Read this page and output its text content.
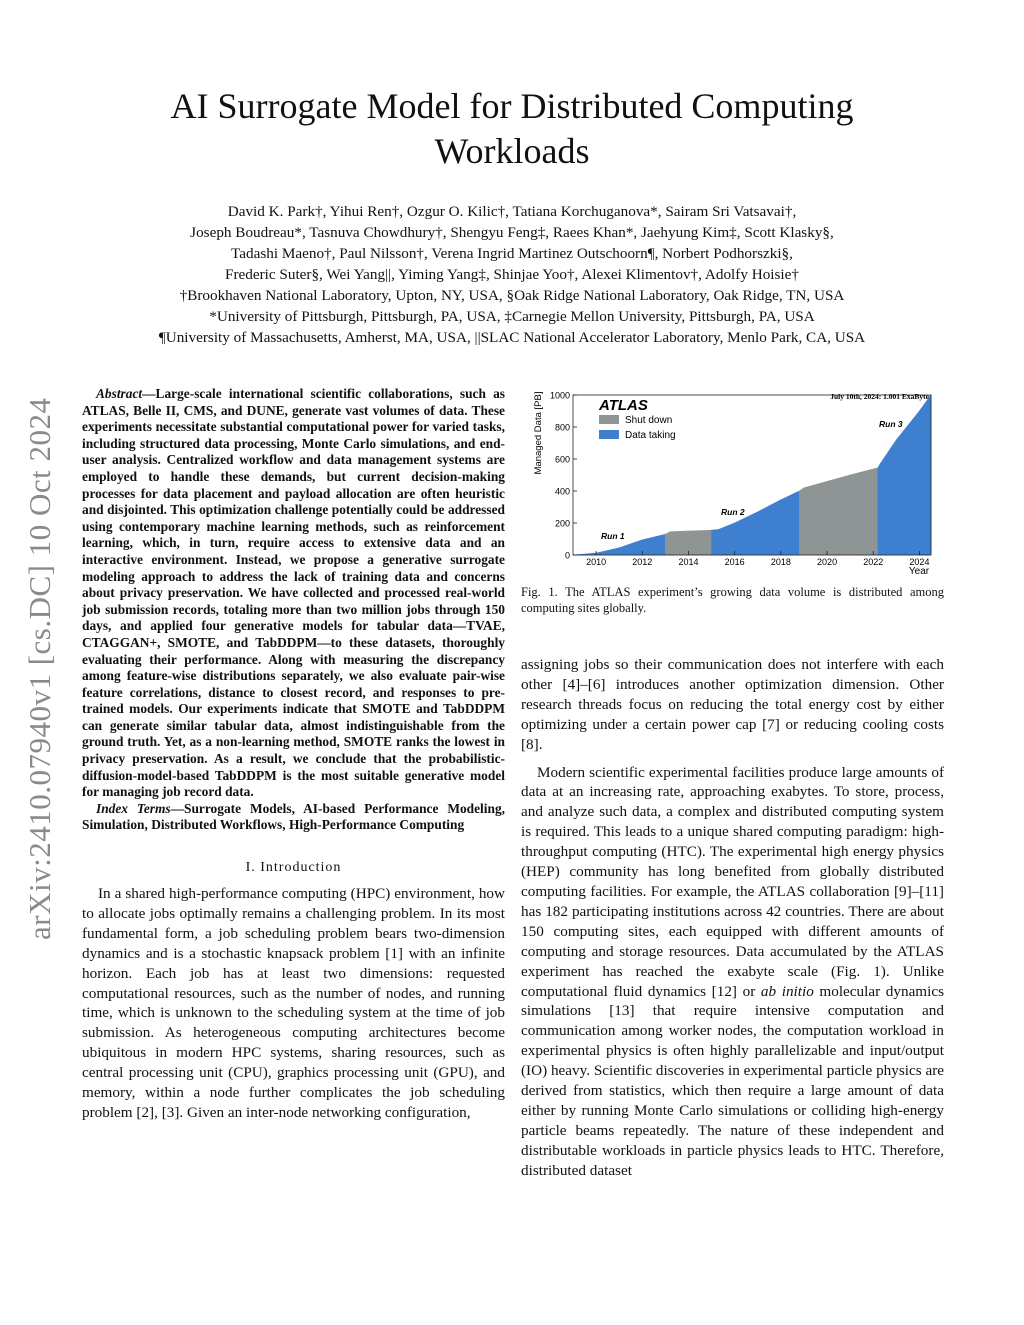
arXiv:2410.07940v1 [cs.DC] 10 Oct 2024
AI Surrogate Model for Distributed Computing Workloads
David K. Park†, Yihui Ren†, Ozgur O. Kilic†, Tatiana Korchuganova*, Sairam Sri Vatsavai†,
Joseph Boudreau*, Tasnuva Chowdhury†, Shengyu Feng‡, Raees Khan*, Jaehyung Kim‡, Scott Klasky§,
Tadashi Maeno†, Paul Nilsson†, Verena Ingrid Martinez Outschoorn¶, Norbert Podhorszki§,
Frederic Suter§, Wei Yang||, Yiming Yang‡, Shinjae Yoo†, Alexei Klimentov†, Adolfy Hoisie†
†Brookhaven National Laboratory, Upton, NY, USA, §Oak Ridge National Laboratory, Oak Ridge, TN, USA
*University of Pittsburgh, Pittsburgh, PA, USA, ‡Carnegie Mellon University, Pittsburgh, PA, USA
¶University of Massachusetts, Amherst, MA, USA, ||SLAC National Accelerator Laboratory, Menlo Park, CA, USA

Abstract—Large-scale international scientific collaborations, such as ATLAS, Belle II, CMS, and DUNE, generate vast volumes of data. These experiments necessitate substantial computational power for varied tasks, including structured data processing, Monte Carlo simulations, and end-user analysis. Centralized workflow and data management systems are employed to handle these demands, but current decision-making processes for data placement and payload allocation are often heuristic and disjointed. This optimization challenge potentially could be addressed using contemporary machine learning methods, such as reinforcement learning, which, in turn, require access to extensive data and an interactive environment. Instead, we propose a generative surrogate modeling approach to address the lack of training data and concerns about privacy preservation. We have collected and processed real-world job submission records, totaling more than two million jobs through 150 days, and applied four generative models for tabular data—TVAE, CTAGGAN+, SMOTE, and TabDDPM—to these datasets, thoroughly evaluating their performance. Along with measuring the discrepancy among feature-wise distributions separately, we also evaluate pair-wise feature correlations, distance to closest record, and responses to pre-trained models. Our experiments indicate that SMOTE and TabDDPM can generate similar tabular data, almost indistinguishable from the ground truth. Yet, as a non-learning method, SMOTE ranks the lowest in privacy preservation. As a result, we conclude that the probabilistic-diffusion-model-based TabDDPM is the most suitable generative model for managing job record data.

Index Terms—Surrogate Models, AI-based Performance Modeling, Simulation, Distributed Workflows, High-Performance Computing

I. Introduction

In a shared high-performance computing (HPC) environment, how to allocate jobs optimally remains a challenging problem. In its most fundamental form, a job scheduling problem bears two-dimension dynamics and is a stochastic knapsack problem [1] with an infinite horizon. Each job has at least two dimensions: requested computational resources, such as the number of nodes, and running time, which is unknown to the scheduling system at the time of job submission. As heterogeneous computing architectures become ubiquitous in modern HPC systems, sharing resources, such as central processing unit (CPU), graphics processing unit (GPU), and memory, within a node further complicates the job scheduling problem [2], [3]. Given an inter-node networking configuration,

0
200
400
600
800
1000
2010	2012	2014	2016	2018	2020	2022	2024
Managed Data [PB]
Year
ATLAS
Shut down
Data taking
July 10th, 2024: 1.001 ExaByte
Run 1
Run 2
Run 3
Fig. 1. The ATLAS experiment’s growing data volume is distributed among computing sites globally.

assigning jobs so their communication does not interfere with each other [4]–[6] introduces another optimization dimension. Other research threads focus on reducing the total energy cost by either optimizing under a certain power cap [7] or reducing cooling costs [8].

Modern scientific experimental facilities produce large amounts of data at an increasing rate, approaching exabytes. To store, process, and analyze such data, a complex and distributed computing system is required. This leads to a unique shared computing paradigm: high-throughput computing (HTC). The experimental high energy physics (HEP) community has long benefited from globally distributed computing facilities. For example, the ATLAS collaboration [9]–[11] has 182 participating institutions across 42 countries. There are about 150 computing sites, each equipped with different amounts of computing and storage resources. Data accumulated by the ATLAS experiment has reached the exabyte scale (Fig. 1). Unlike computational fluid dynamics [12] or ab initio molecular dynamics simulations [13] that require intensive computation and communication among worker nodes, the computation workload in experimental physics is often highly parallelizable and input/output (IO) heavy. Scientific discoveries in experimental particle physics are derived from statistics, which then require a large amount of data either by running Monte Carlo simulations or colliding high-energy particle beams repeatedly. The nature of these independent and distributable workloads in particle physics leads to HTC. Therefore, distributed dataset
